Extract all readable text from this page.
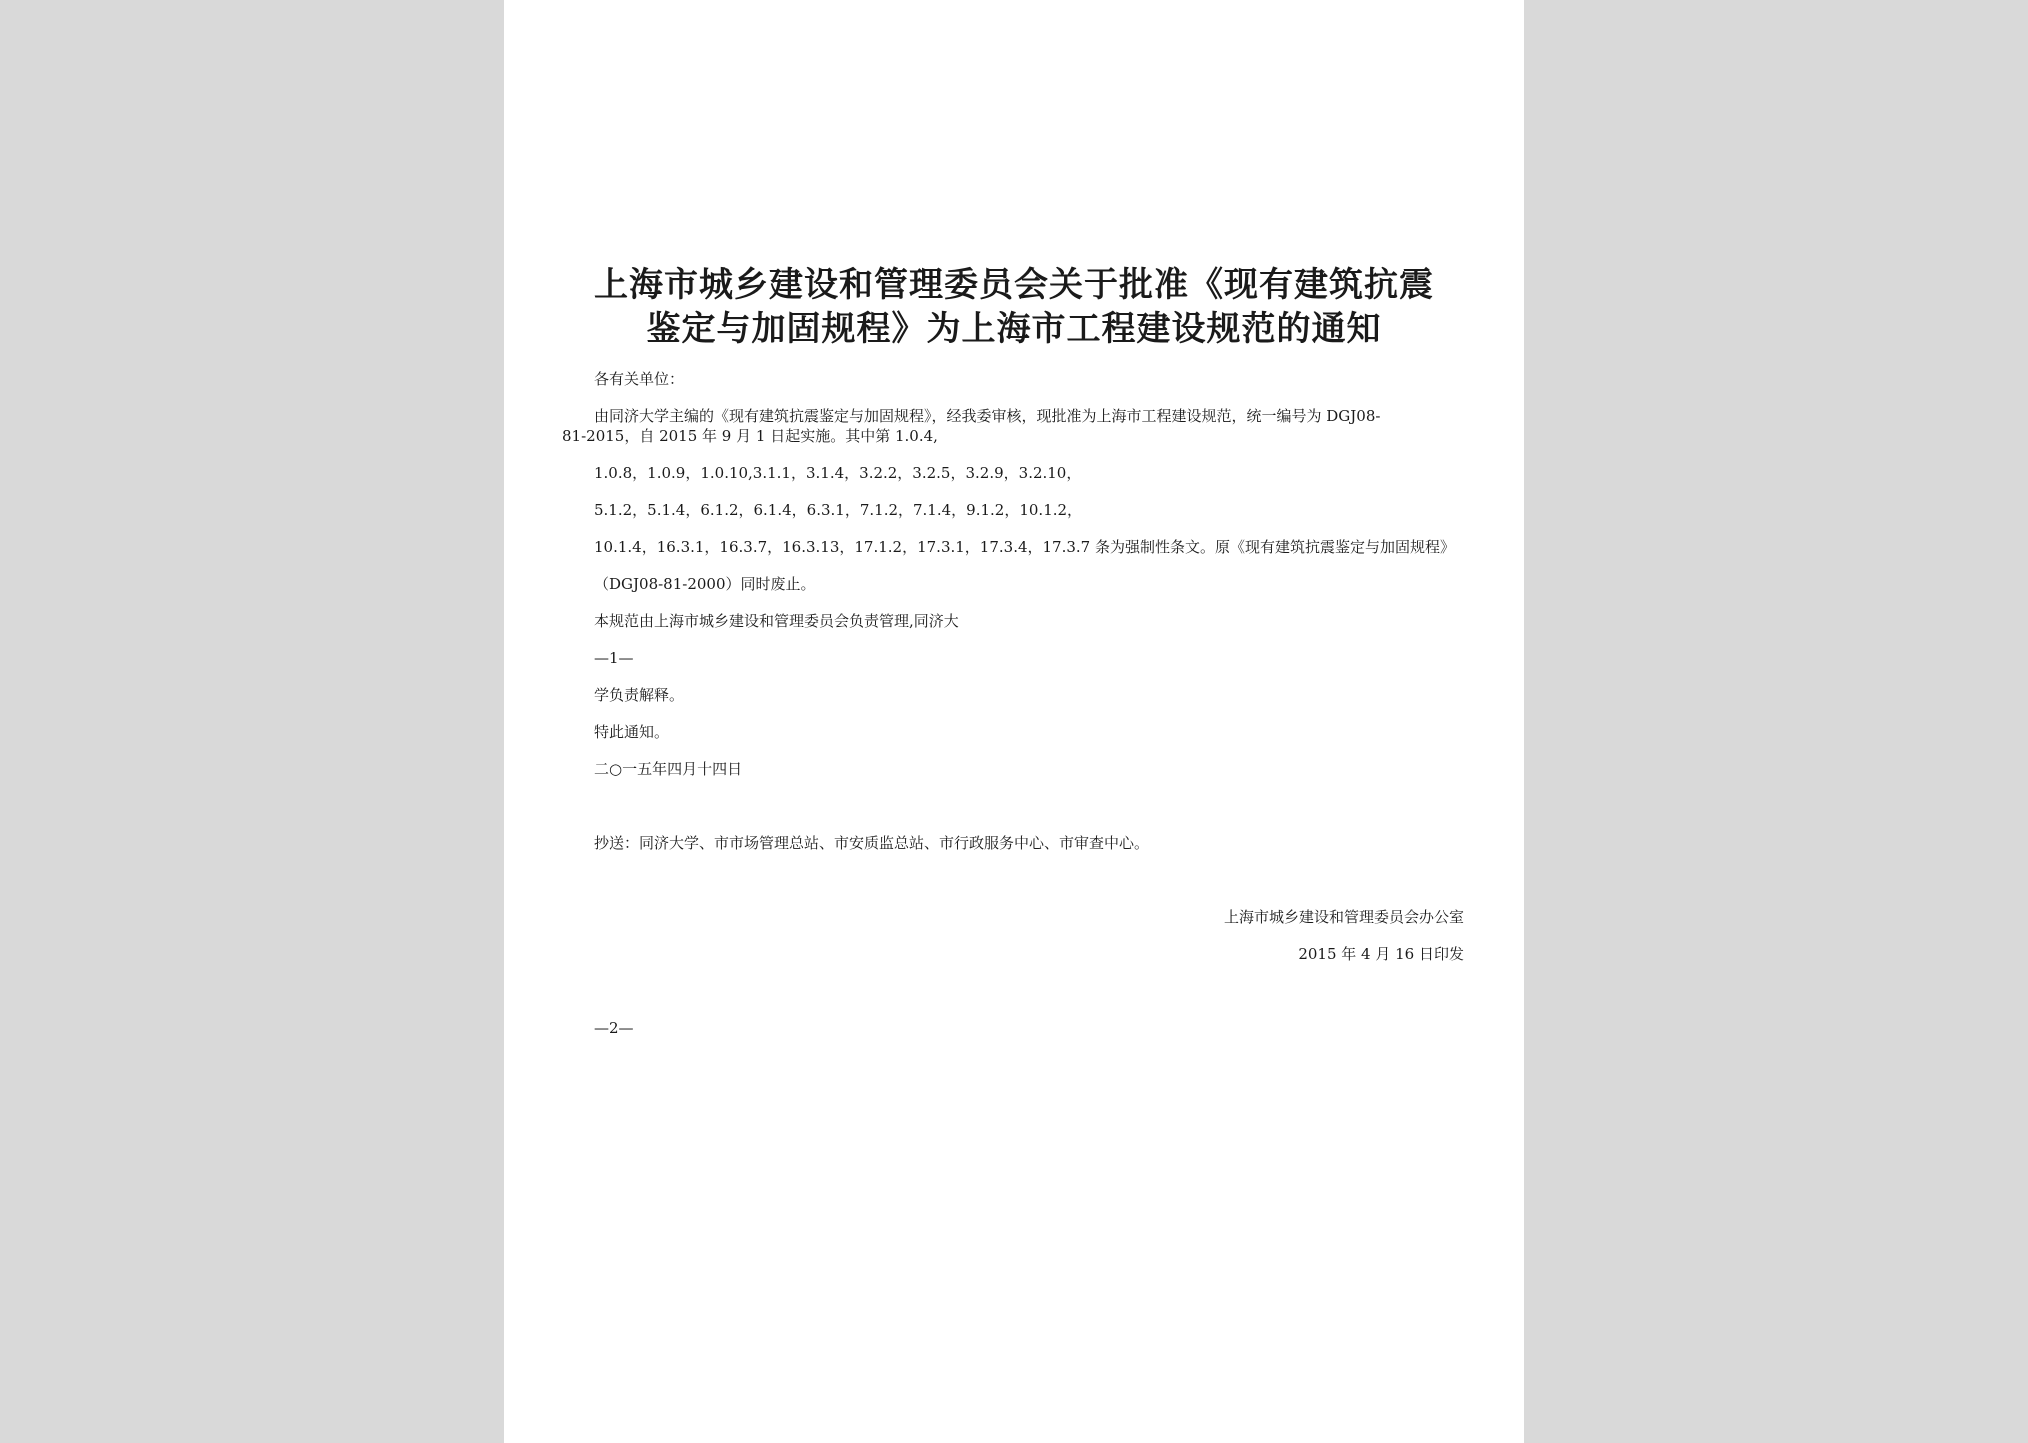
上海市城乡建设和管理委员会关于批准《现有建筑抗震
鉴定与加固规程》为上海市工程建设规范的通知
各有关单位：
由同济大学主编的《现有建筑抗震鉴定与加固规程》，经我委审核，现批准为上海市工程建设规范，统一编号为 DGJ08-
81-2015，自 2015 年 9 月 1 日起实施。其中第 1.0.4,
1.0.8，1.0.9，1.0.10,3.1.1，3.1.4，3.2.2，3.2.5，3.2.9，3.2.10，
5.1.2，5.1.4，6.1.2，6.1.4，6.3.1，7.1.2，7.1.4，9.1.2，10.1.2，
10.1.4，16.3.1，16.3.7，16.3.13，17.1.2，17.3.1，17.3.4，17.3.7 条为强制性条文。原《现有建筑抗震鉴定与加固规程》
（DGJ08-81-2000）同时废止。
本规范由上海市城乡建设和管理委员会负责管理,同济大
—1—
学负责解释。
特此通知。
二○一五年四月十四日
抄送：同济大学、市市场管理总站、市安质监总站、市行政服务中心、市审查中心。
上海市城乡建设和管理委员会办公室
2015 年 4 月 16 日印发
—2—
